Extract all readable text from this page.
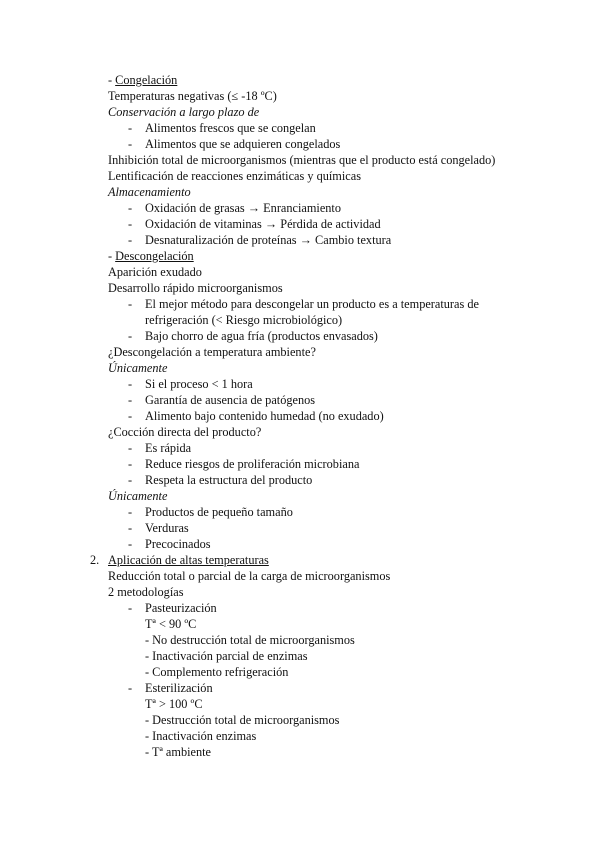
- Congelación
Temperaturas negativas (≤ -18 ºC)
Conservación a largo plazo de
- Alimentos frescos que se congelan
- Alimentos que se adquieren congelados
Inhibición total de microorganismos (mientras que el producto está congelado)
Lentificación de reacciones enzimáticas y químicas
Almacenamiento
- Oxidación de grasas → Enranciamiento
- Oxidación de vitaminas → Pérdida de actividad
- Desnaturalización de proteínas → Cambio textura
- Descongelación
Aparición exudado
Desarrollo rápido microorganismos
- El mejor método para descongelar un producto es a temperaturas de
refrigeración (< Riesgo microbiológico)
- Bajo chorro de agua fría (productos envasados)
¿Descongelación a temperatura ambiente?
Únicamente
- Si el proceso < 1 hora
- Garantía de ausencia de patógenos
- Alimento bajo contenido humedad (no exudado)
¿Cocción directa del producto?
- Es rápida
- Reduce riesgos de proliferación microbiana
- Respeta la estructura del producto
Únicamente
- Productos de pequeño tamaño
- Verduras
- Precocinados
2. Aplicación de altas temperaturas
Reducción total o parcial de la carga de microorganismos
2 metodologías
- Pasteurización
Tª < 90 ºC
- No destrucción total de microorganismos
- Inactivación parcial de enzimas
- Complemento refrigeración
- Esterilización
Tª > 100 ºC
- Destrucción total de microorganismos
- Inactivación enzimas
- Tª ambiente
